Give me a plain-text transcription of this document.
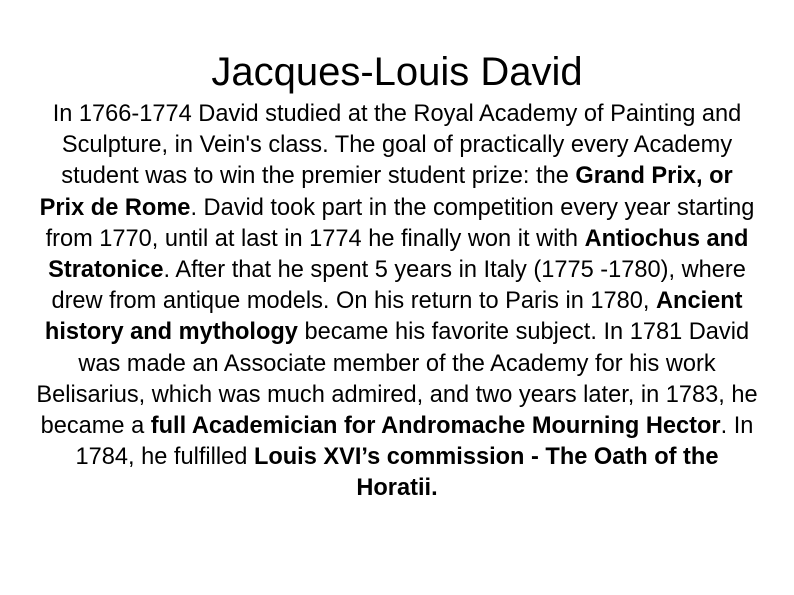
Jacques-Louis David

In 1766-1774 David studied at the Royal Academy of Painting and Sculpture, in Vein's class. The goal of practically every Academy student was to win the premier student prize: the Grand Prix, or Prix de Rome. David took part in the competition every year starting from 1770, until at last in 1774 he finally won it with Antiochus and Stratonice. After that he spent 5 years in Italy (1775 -1780), where drew from antique models. On his return to Paris in 1780, Ancient history and mythology became his favorite subject. In 1781 David was made an Associate member of the Academy for his work Belisarius, which was much admired, and two years later, in 1783, he became a full Academician for Andromache Mourning Hector. In 1784, he fulfilled Louis XVI’s commission - The Oath of the Horatii.
